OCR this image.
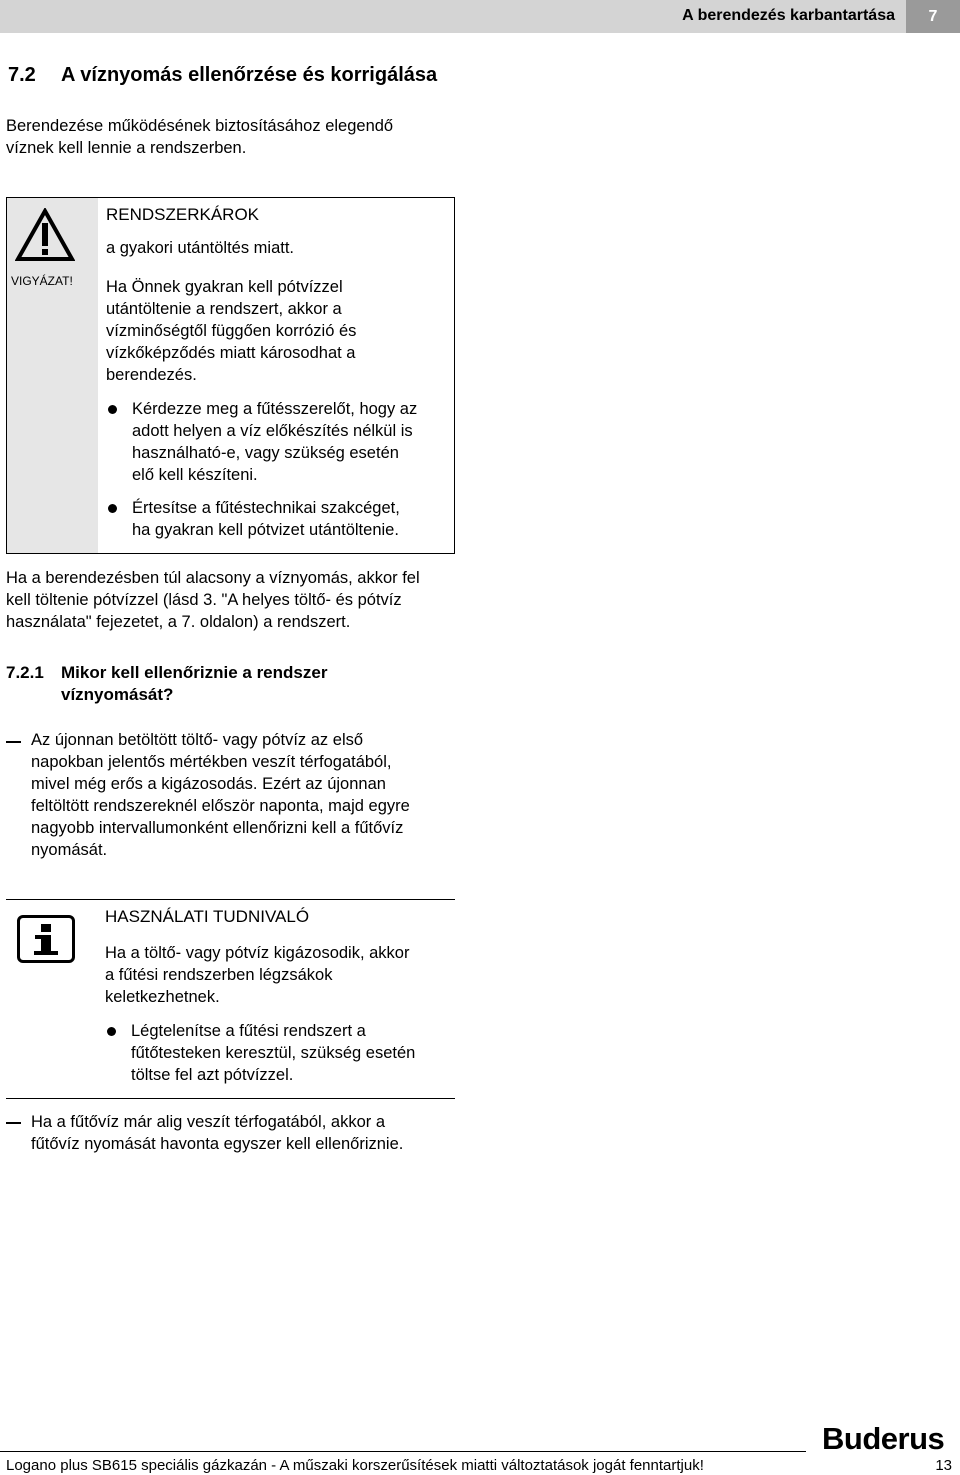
A berendezés karbantartása	7
7.2 A víznyomás ellenőrzése és korrigálása
Berendezése működésének biztosításához elegendő
víznek kell lennie a rendszerben.
VIGYÁZAT!
RENDSZERKÁROK
a gyakori utántöltés miatt.
Ha Önnek gyakran kell pótvízzel
utántöltenie a rendszert, akkor a
vízminőségtől függően korrózió és
vízkőképződés miatt károsodhat a
berendezés.
Kérdezze meg a fűtésszerelőt, hogy az
adott helyen a víz előkészítés nélkül is
használható-e, vagy szükség esetén
elő kell készíteni.
Értesítse a fűtéstechnikai szakcéget,
ha gyakran kell pótvizet utántöltenie.
Ha a berendezésben túl alacsony a víznyomás, akkor fel
kell töltenie pótvízzel (lásd 3. "A helyes töltő- és pótvíz
használata" fejezetet, a 7. oldalon) a rendszert.
7.2.1 Mikor kell ellenőriznie a rendszer
víznyomását?
Az újonnan betöltött töltő- vagy pótvíz az első
napokban jelentős mértékben veszít térfogatából,
mivel még erős a kigázosodás. Ezért az újonnan
feltöltött rendszereknél először naponta, majd egyre
nagyobb intervallumonként ellenőrizni kell a fűtővíz
nyomását.
HASZNÁLATI TUDNIVALÓ
Ha a töltő- vagy pótvíz kigázosodik, akkor
a fűtési rendszerben légzsákok
keletkezhetnek.
Légtelenítse a fűtési rendszert a
fűtőtesteken keresztül, szükség esetén
töltse fel azt pótvízzel.
Ha a fűtővíz már alig veszít térfogatából, akkor a
fűtővíz nyomását havonta egyszer kell ellenőriznie.
Buderus
Logano plus SB615 speciális gázkazán - A műszaki korszerűsítések miatti változtatások jogát fenntartjuk!	13
